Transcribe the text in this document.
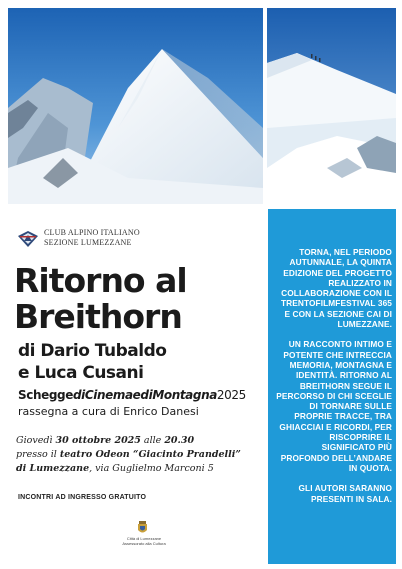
CLUB ALPINO ITALIANO
SEZIONE LUMEZZANE
Ritorno al
Breithorn
di Dario Tubaldo
e Luca Cusani
ScheggediCinemaediMontagna2025
rassegna a cura di Enrico Danesi
Giovedì 30 ottobre 2025 alle 20.30
presso il teatro Odeon “Giacinto Prandelli”
di Lumezzane, via Guglielmo Marconi 5
INCONTRI AD INGRESSO GRATUITO
Città di Lumezzane
Assessorato alla Cultura

TORNA, NEL PERIODO AUTUNNALE, LA QUINTA EDIZIONE DEL PROGETTO REALIZZATO IN COLLABORAZIONE CON IL TRENTOFILMFESTIVAL 365 E CON LA SEZIONE CAI DI LUMEZZANE.

UN RACCONTO INTIMO E POTENTE CHE INTRECCIA MEMORIA, MONTAGNA E IDENTITÀ. RITORNO AL BREITHORN SEGUE IL PERCORSO DI CHI SCEGLIE DI TORNARE SULLE PROPRIE TRACCE, TRA GHIACCIAI E RICORDI, PER RISCOPRIRE IL SIGNIFICATO PIÙ PROFONDO DELL’ANDARE IN QUOTA.

GLI AUTORI SARANNO PRESENTI IN SALA.
